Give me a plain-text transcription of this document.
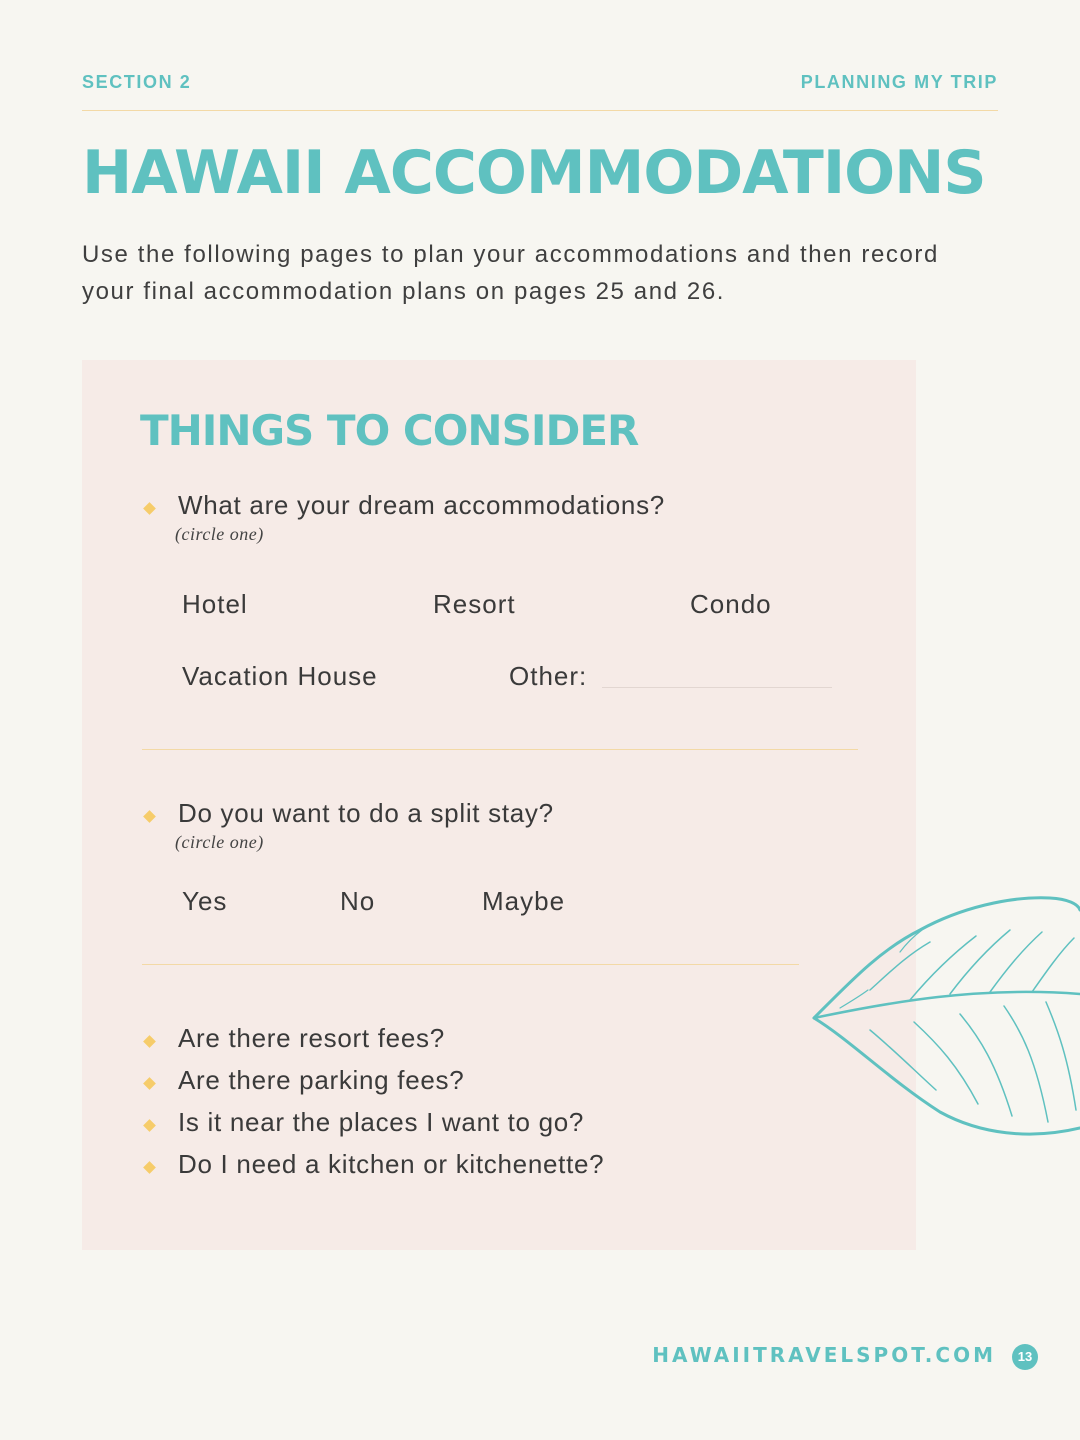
SECTION 2	PLANNING MY TRIP
HAWAII ACCOMMODATIONS

Use the following pages to plan your accommodations and then record your final accommodation plans on pages 25 and 26.

THINGS TO CONSIDER
What are your dream accommodations?
(circle one)
Hotel	Resort	Condo
Vacation House	Other:
Do you want to do a split stay?
(circle one)
Yes	No	Maybe
Are there resort fees?
Are there parking fees?
Is it near the places I want to go?
Do I need a kitchen or kitchenette?
HAWAIITRAVELSPOT.COM	13
